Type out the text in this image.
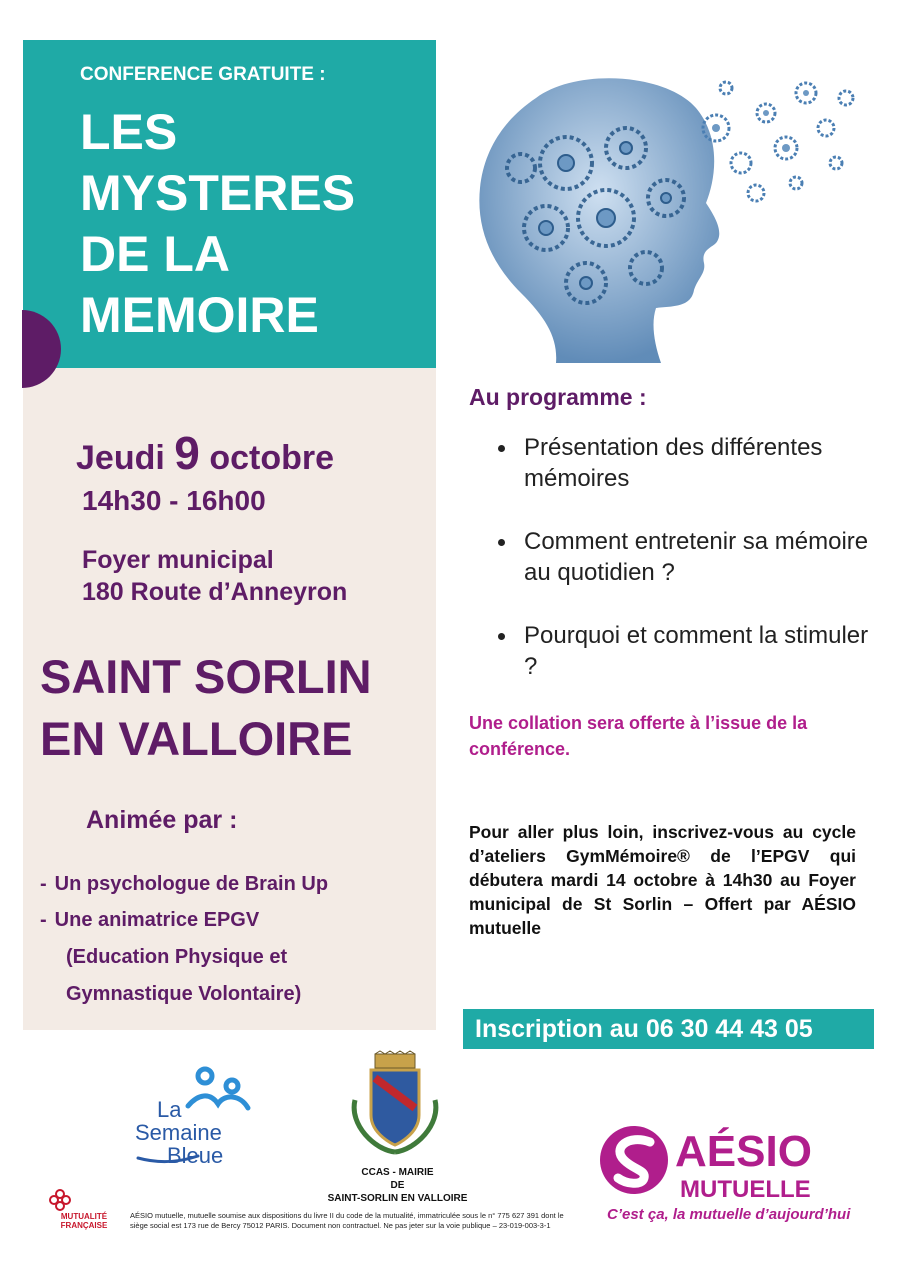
CONFERENCE GRATUITE :
LES
MYSTERES
DE LA
MEMOIRE
Jeudi 9 octobre
14h30 - 16h00
Foyer municipal
180 Route d’Anneyron
SAINT SORLIN
EN VALLOIRE
Animée par :
- Un psychologue de Brain Up
- Une animatrice EPGV
(Education Physique et
Gymnastique Volontaire)
Au programme :
Présentation des différentes mémoires
Comment entretenir sa mémoire au quotidien ?
Pourquoi et comment la stimuler ?
Une collation sera offerte à l’issue de la conférence.
Pour aller plus loin, inscrivez-vous au cycle d’ateliers GymMémoire® de l’EPGV qui débutera mardi 14 octobre à 14h30 au Foyer municipal de St Sorlin – Offert par AÉSIO mutuelle
Inscription au 06 30 44 43 05
La
Semaine
Bleue
CCAS - MAIRIE
DE
SAINT-SORLIN EN VALLOIRE
AÉSIO
MUTUELLE
C’est ça, la mutuelle d’aujourd’hui
MUTUALITÉ
FRANÇAISE
AÉSIO mutuelle, mutuelle soumise aux dispositions du livre II du code de la mutualité, immatriculée sous le n° 775 627 391 dont le siège social est 173 rue de Bercy 75012 PARIS. Document non contractuel. Ne pas jeter sur la voie publique – 23-019-003-3-1
